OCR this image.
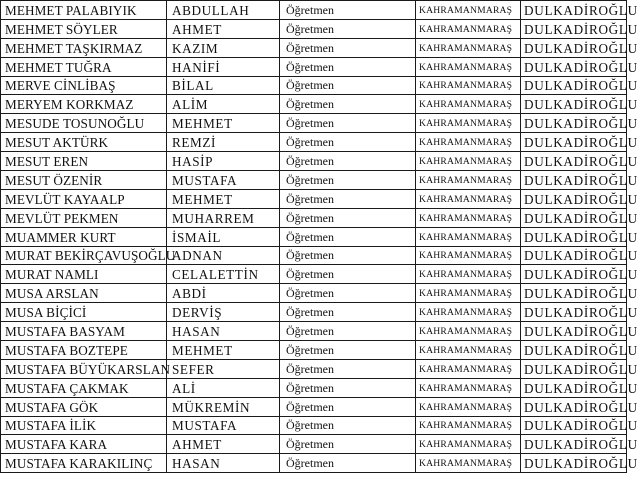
MEHMET PALABIYIK	ABDULLAH	Öğretmen	KAHRAMANMARAŞ	DULKADİROĞLU
MEHMET SÖYLER	AHMET	Öğretmen	KAHRAMANMARAŞ	DULKADİROĞLU
MEHMET TAŞKIRMAZ	KAZIM	Öğretmen	KAHRAMANMARAŞ	DULKADİROĞLU
MEHMET TUĞRA	HANİFİ	Öğretmen	KAHRAMANMARAŞ	DULKADİROĞLU
MERVE CİNLİBAŞ	BİLAL	Öğretmen	KAHRAMANMARAŞ	DULKADİROĞLU
MERYEM KORKMAZ	ALİM	Öğretmen	KAHRAMANMARAŞ	DULKADİROĞLU
MESUDE TOSUNOĞLU	MEHMET	Öğretmen	KAHRAMANMARAŞ	DULKADİROĞLU
MESUT AKTÜRK	REMZİ	Öğretmen	KAHRAMANMARAŞ	DULKADİROĞLU
MESUT EREN	HASİP	Öğretmen	KAHRAMANMARAŞ	DULKADİROĞLU
MESUT ÖZENİR	MUSTAFA	Öğretmen	KAHRAMANMARAŞ	DULKADİROĞLU
MEVLÜT KAYAALP	MEHMET	Öğretmen	KAHRAMANMARAŞ	DULKADİROĞLU
MEVLÜT PEKMEN	MUHARREM	Öğretmen	KAHRAMANMARAŞ	DULKADİROĞLU
MUAMMER KURT	İSMAİL	Öğretmen	KAHRAMANMARAŞ	DULKADİROĞLU
MURAT BEKİRÇAVUŞOĞLU	ADNAN	Öğretmen	KAHRAMANMARAŞ	DULKADİROĞLU
MURAT NAMLI	CELALETTİN	Öğretmen	KAHRAMANMARAŞ	DULKADİROĞLU
MUSA ARSLAN	ABDİ	Öğretmen	KAHRAMANMARAŞ	DULKADİROĞLU
MUSA BİÇİCİ	DERVİŞ	Öğretmen	KAHRAMANMARAŞ	DULKADİROĞLU
MUSTAFA BASYAM	HASAN	Öğretmen	KAHRAMANMARAŞ	DULKADİROĞLU
MUSTAFA BOZTEPE	MEHMET	Öğretmen	KAHRAMANMARAŞ	DULKADİROĞLU
MUSTAFA BÜYÜKARSLAN	SEFER	Öğretmen	KAHRAMANMARAŞ	DULKADİROĞLU
MUSTAFA ÇAKMAK	ALİ	Öğretmen	KAHRAMANMARAŞ	DULKADİROĞLU
MUSTAFA GÖK	MÜKREMİN	Öğretmen	KAHRAMANMARAŞ	DULKADİROĞLU
MUSTAFA İLİK	MUSTAFA	Öğretmen	KAHRAMANMARAŞ	DULKADİROĞLU
MUSTAFA KARA	AHMET	Öğretmen	KAHRAMANMARAŞ	DULKADİROĞLU
MUSTAFA KARAKILINÇ	HASAN	Öğretmen	KAHRAMANMARAŞ	DULKADİROĞLU
